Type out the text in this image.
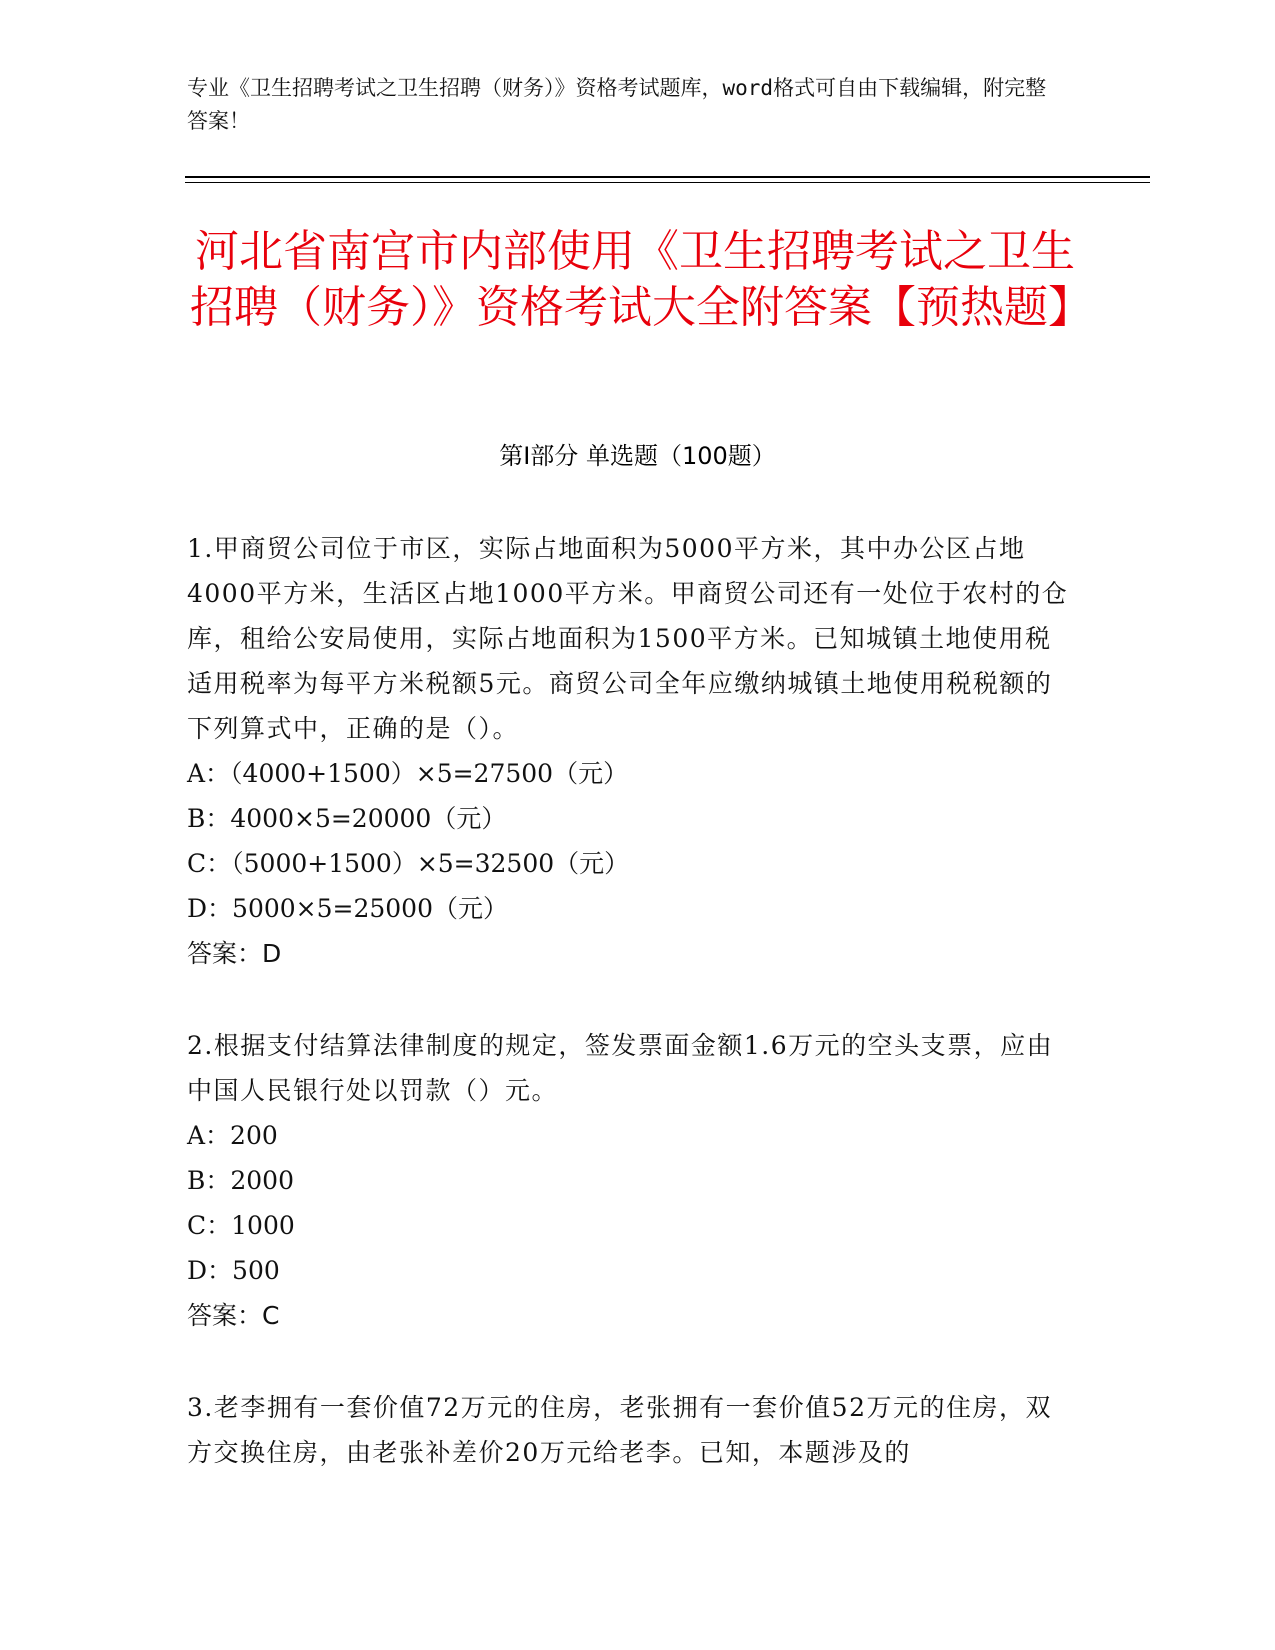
专业《卫生招聘考试之卫生招聘（财务）》资格考试题库，word格式可自由下载编辑，附完整答案！
河北省南宫市内部使用《卫生招聘考试之卫生招聘（财务）》资格考试大全附答案【预热题】
第I部分 单选题（100题）
1.甲商贸公司位于市区，实际占地面积为5000平方米，其中办公区占地4000平方米，生活区占地1000平方米。甲商贸公司还有一处位于农村的仓库，租给公安局使用，实际占地面积为1500平方米。已知城镇土地使用税适用税率为每平方米税额5元。商贸公司全年应缴纳城镇土地使用税税额的下列算式中，正确的是（）。
A：（4000+1500）×5=27500（元）
B：4000×5=20000（元）
C：（5000+1500）×5=32500（元）
D：5000×5=25000（元）
答案：D
2.根据支付结算法律制度的规定，签发票面金额1.6万元的空头支票，应由中国人民银行处以罚款（）元。
A：200
B：2000
C：1000
D：500
答案：C
3.老李拥有一套价值72万元的住房，老张拥有一套价值52万元的住房，双方交换住房，由老张补差价20万元给老李。已知，本题涉及的
